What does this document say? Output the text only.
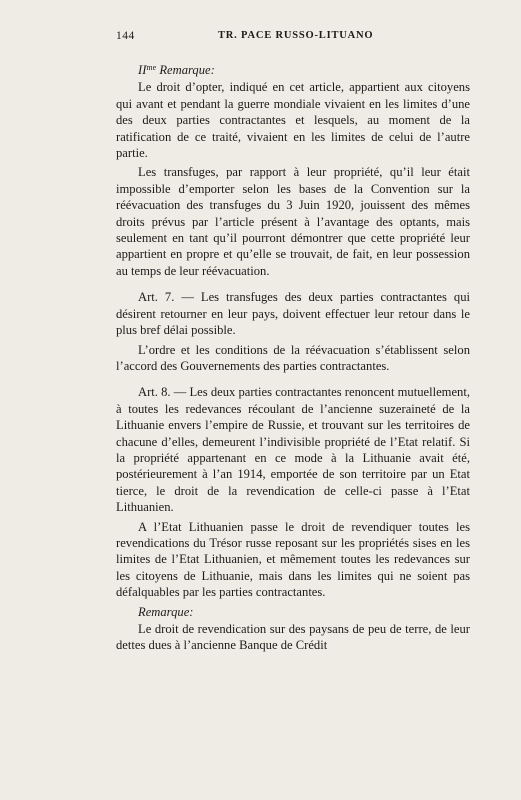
144	TR. PACE RUSSO-LITUANO

$II^{me}$ Remarque:

Le droit d’opter, indiqué en cet article, appartient aux citoyens qui avant et pendant la guerre mondiale vivaient en les limites d’une des deux parties contractantes et lesquels, au moment de la ratification de ce traité, vivaient en les limites de celui de l’autre partie.

Les transfuges, par rapport à leur propriété, qu’il leur était impossible d’emporter selon les bases de la Convention sur la réévacuation des transfuges du 3 Juin 1920, jouissent des mêmes droits prévus par l’article présent à l’avantage des optants, mais seulement en tant qu’il pourront démontrer que cette propriété leur appartient en propre et qu’elle se trouvait, de fait, en leur possession au temps de leur réévacuation.

Art. 7. — Les transfuges des deux parties contractantes qui désirent retourner en leur pays, doivent effectuer leur retour dans le plus bref délai possible.

L’ordre et les conditions de la réévacuation s’établissent selon l’accord des Gouvernements des parties contractantes.

Art. 8. — Les deux parties contractantes renoncent mutuellement, à toutes les redevances récoulant de l’ancienne suzeraineté de la Lithuanie envers l’empire de Russie, et trouvant sur les territoires de chacune d’elles, demeurent l’indivisible propriété de l’Etat relatif. Si la propriété appartenant en ce mode à la Lithuanie avait été, postérieurement à l’an 1914, emportée de son territoire par un Etat tierce, le droit de la revendication de celle-ci passe à l’Etat Lithuanien.

A l’Etat Lithuanien passe le droit de revendiquer toutes les revendications du Trésor russe reposant sur les propriétés sises en les limites de l’Etat Lithuanien, et mêmement toutes les redevances sur les citoyens de Lithuanie, mais dans les limites qui ne soient pas défalquables par les parties contractantes.

Remarque:

Le droit de revendication sur des paysans de peu de terre, de leur dettes dues à l’ancienne Banque de Crédit
